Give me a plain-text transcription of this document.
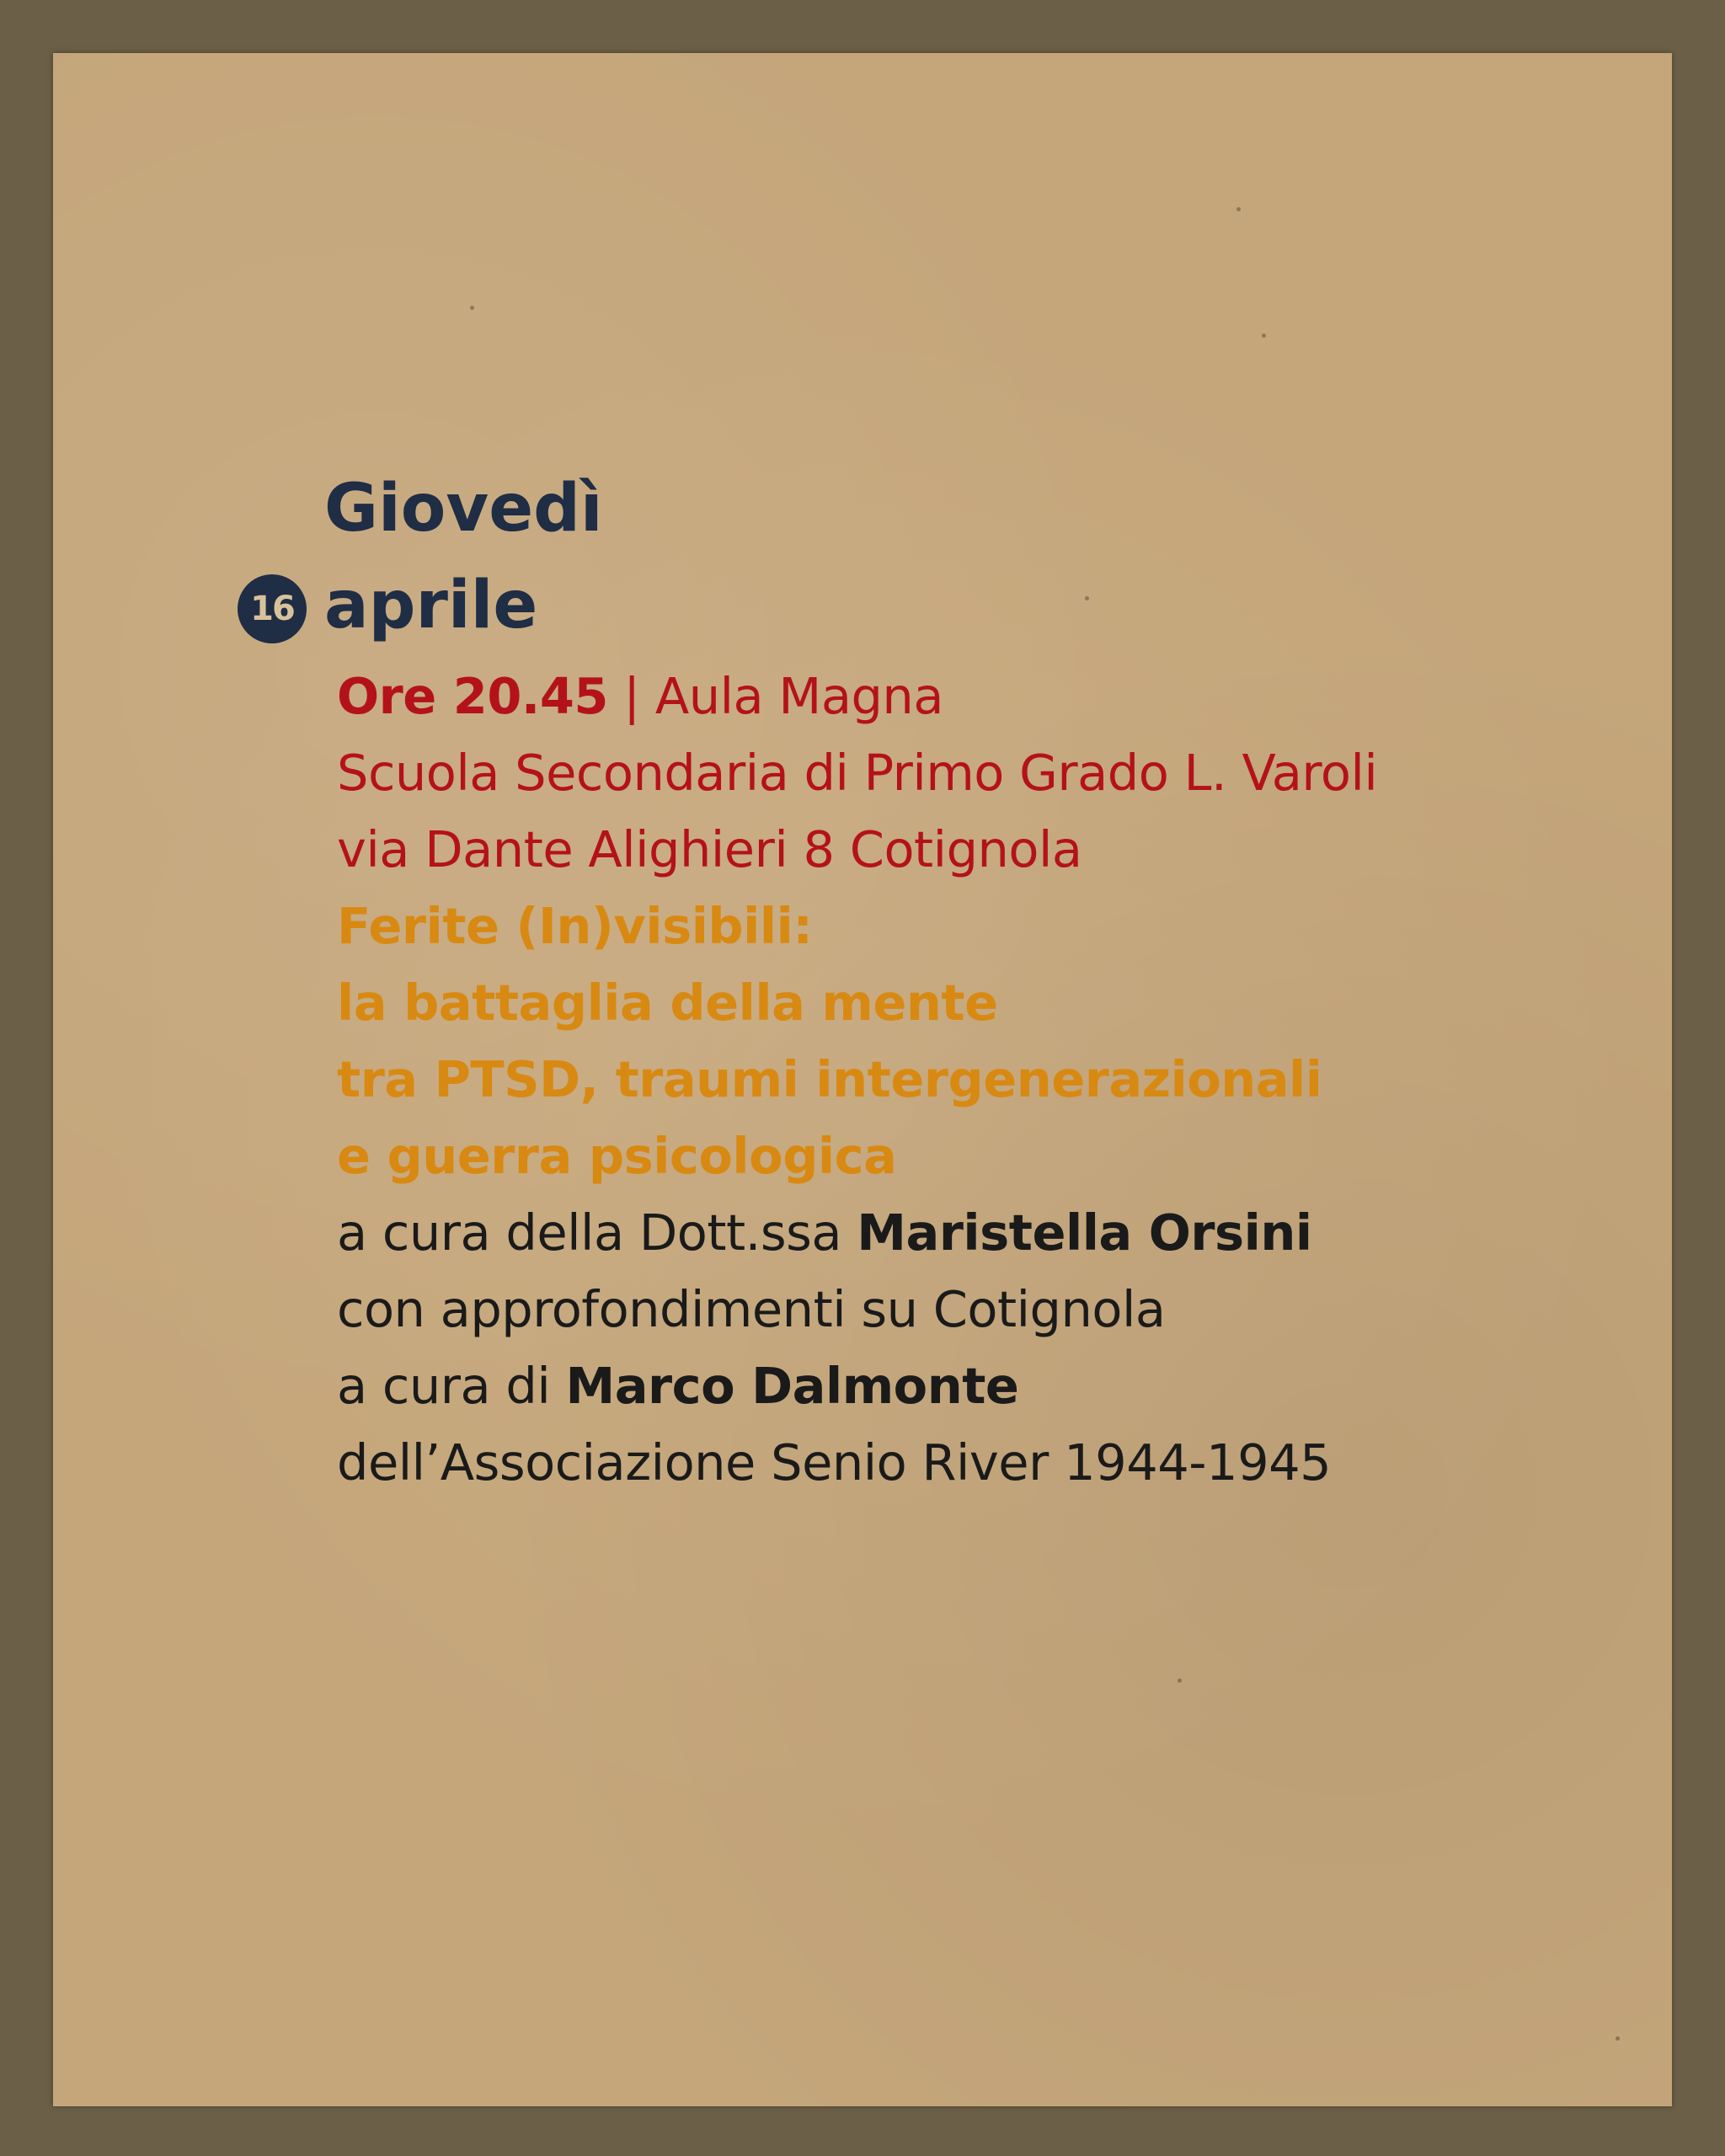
16
Giovedì
aprile
Ore 20.45 | Aula Magna
Scuola Secondaria di Primo Grado L. Varoli
via Dante Alighieri 8 Cotignola
Ferite (In)visibili:
la battaglia della mente
tra PTSD, traumi intergenerazionali
e guerra psicologica
a cura della Dott.ssa Maristella Orsini
con approfondimenti su Cotignola
a cura di Marco Dalmonte
dell’Associazione Senio River 1944-1945
